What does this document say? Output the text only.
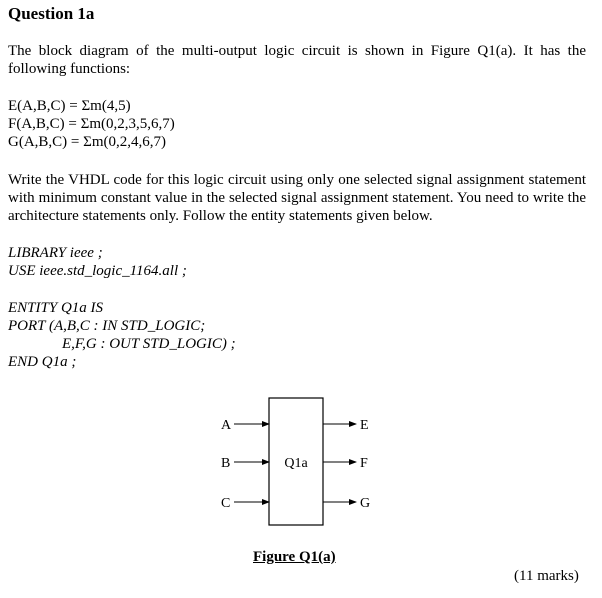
Question 1a
The block diagram of the multi-output logic circuit is shown in Figure Q1(a). It has the following functions:
E(A,B,C) = Σm(4,5)
F(A,B,C) = Σm(0,2,3,5,6,7)
G(A,B,C) = Σm(0,2,4,6,7)
Write the VHDL code for this logic circuit using only one selected signal assignment statement with minimum constant value in the selected signal assignment statement. You need to write the architecture statements only. Follow the entity statements given below.
LIBRARY ieee ;
USE ieee.std_logic_1164.all ;
ENTITY Q1a IS
PORT (A,B,C : IN STD_LOGIC;
E,F,G : OUT STD_LOGIC) ;
END Q1a ;
Q1a
A
B
C
E
F
G
Figure Q1(a)
(11 marks)
